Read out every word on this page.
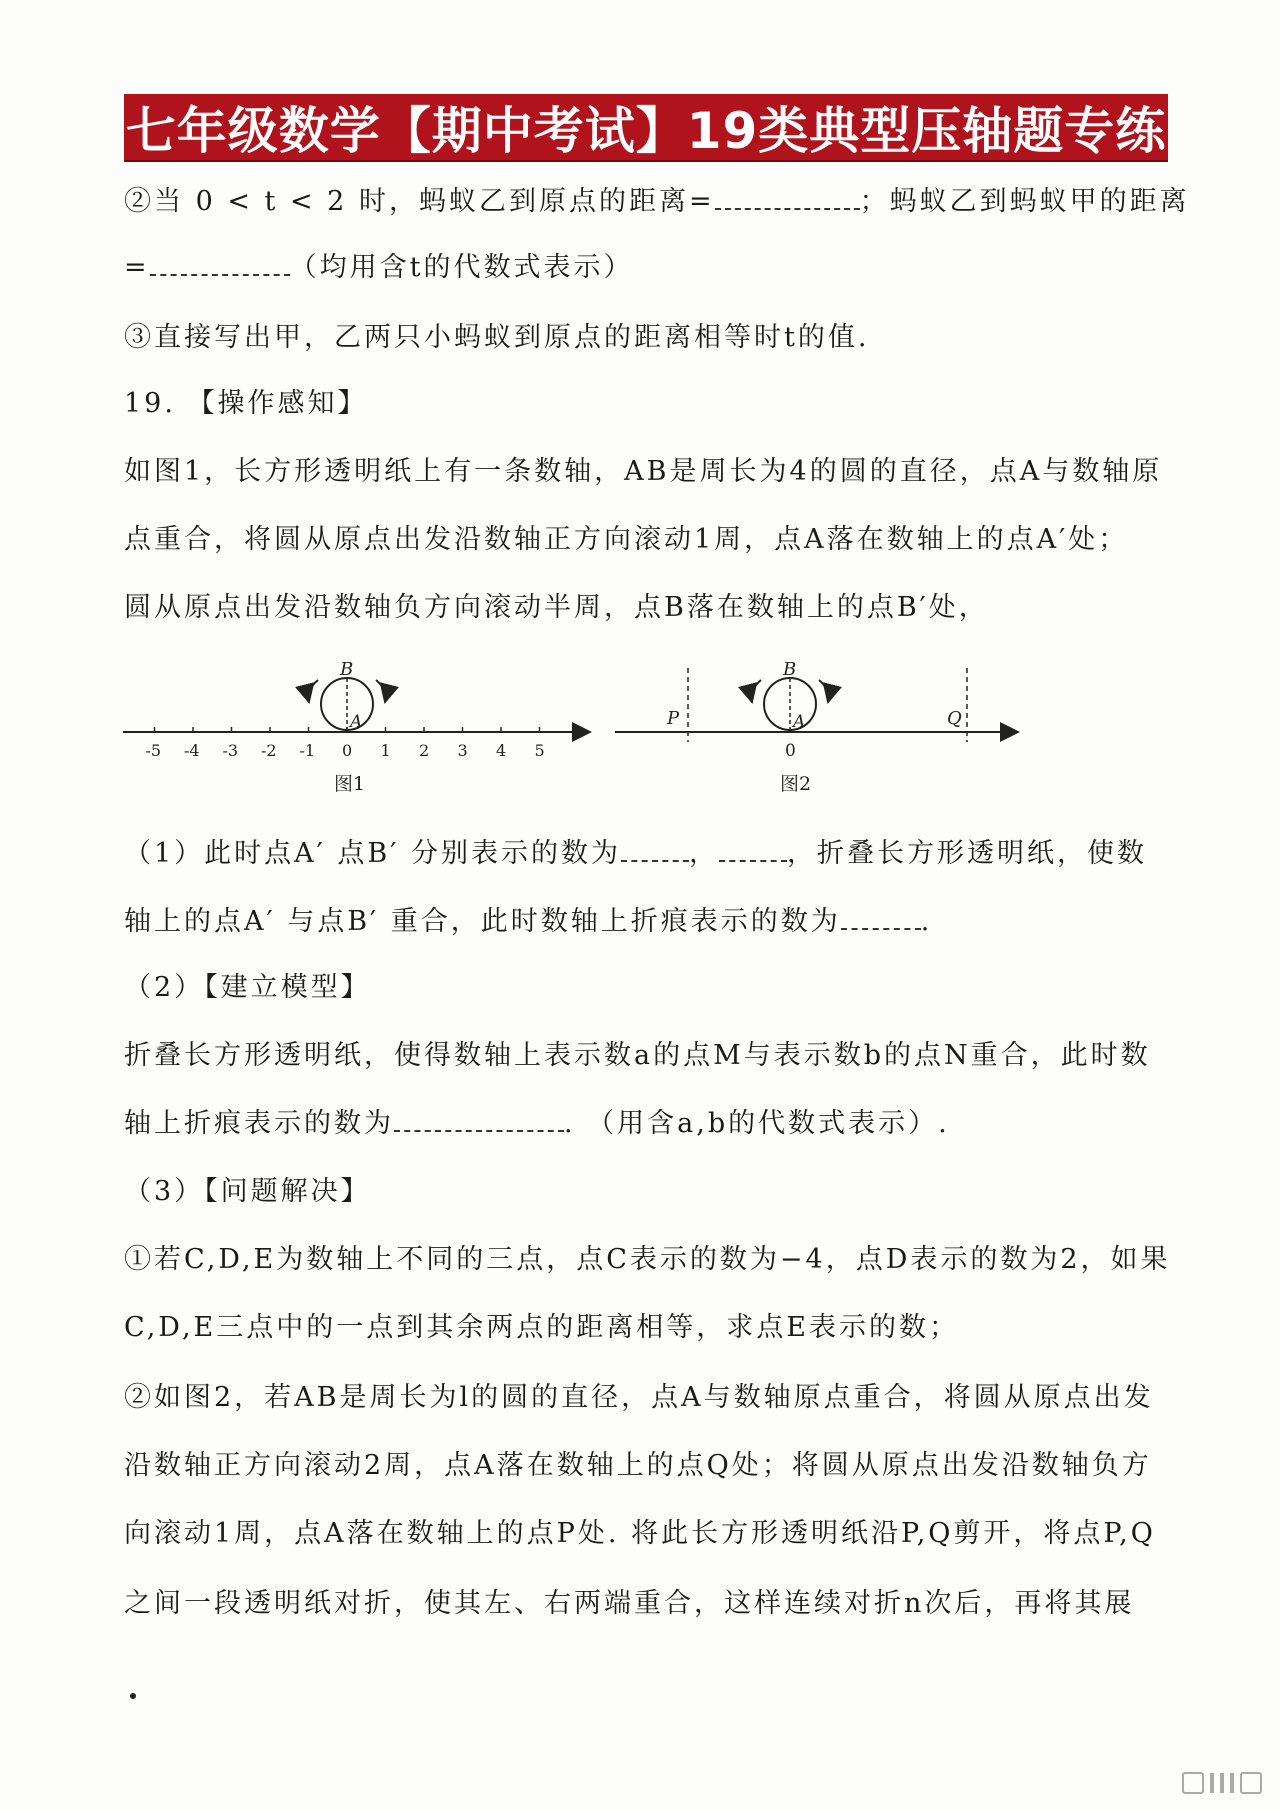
七年级数学【期中考试】19类典型压轴题专练
②当 0 < t < 2 时，蚂蚁乙到原点的距离=	；蚂蚁乙到蚂蚁甲的距离
=	（均用含t的代数式表示）
③直接写出甲，乙两只小蚂蚁到原点的距离相等时t的值.
19. 【操作感知】
如图1，长方形透明纸上有一条数轴，AB是周长为4的圆的直径，点A与数轴原
点重合，将圆从原点出发沿数轴正方向滚动1周，点A落在数轴上的点A′处；
圆从原点出发沿数轴负方向滚动半周，点B落在数轴上的点B′处，
B
A
-5 -4 -3 -2 -1 0 1 2 3 4 5
图1
B
A
P	Q
0
图2
（1）此时点A′ 点B′ 分别表示的数为	，	，折叠长方形透明纸，使数
轴上的点A′ 与点B′ 重合，此时数轴上折痕表示的数为	.
（2）【建立模型】
折叠长方形透明纸，使得数轴上表示数a的点M与表示数b的点N重合，此时数
轴上折痕表示的数为	. （用含a,b的代数式表示）.
（3）【问题解决】
①若C,D,E为数轴上不同的三点，点C表示的数为−4，点D表示的数为2，如果
C,D,E三点中的一点到其余两点的距离相等，求点E表示的数；
②如图2，若AB是周长为l的圆的直径，点A与数轴原点重合，将圆从原点出发
沿数轴正方向滚动2周，点A落在数轴上的点Q处；将圆从原点出发沿数轴负方
向滚动1周，点A落在数轴上的点P处. 将此长方形透明纸沿P,Q剪开，将点P,Q
之间一段透明纸对折，使其左、右两端重合，这样连续对折n次后，再将其展
